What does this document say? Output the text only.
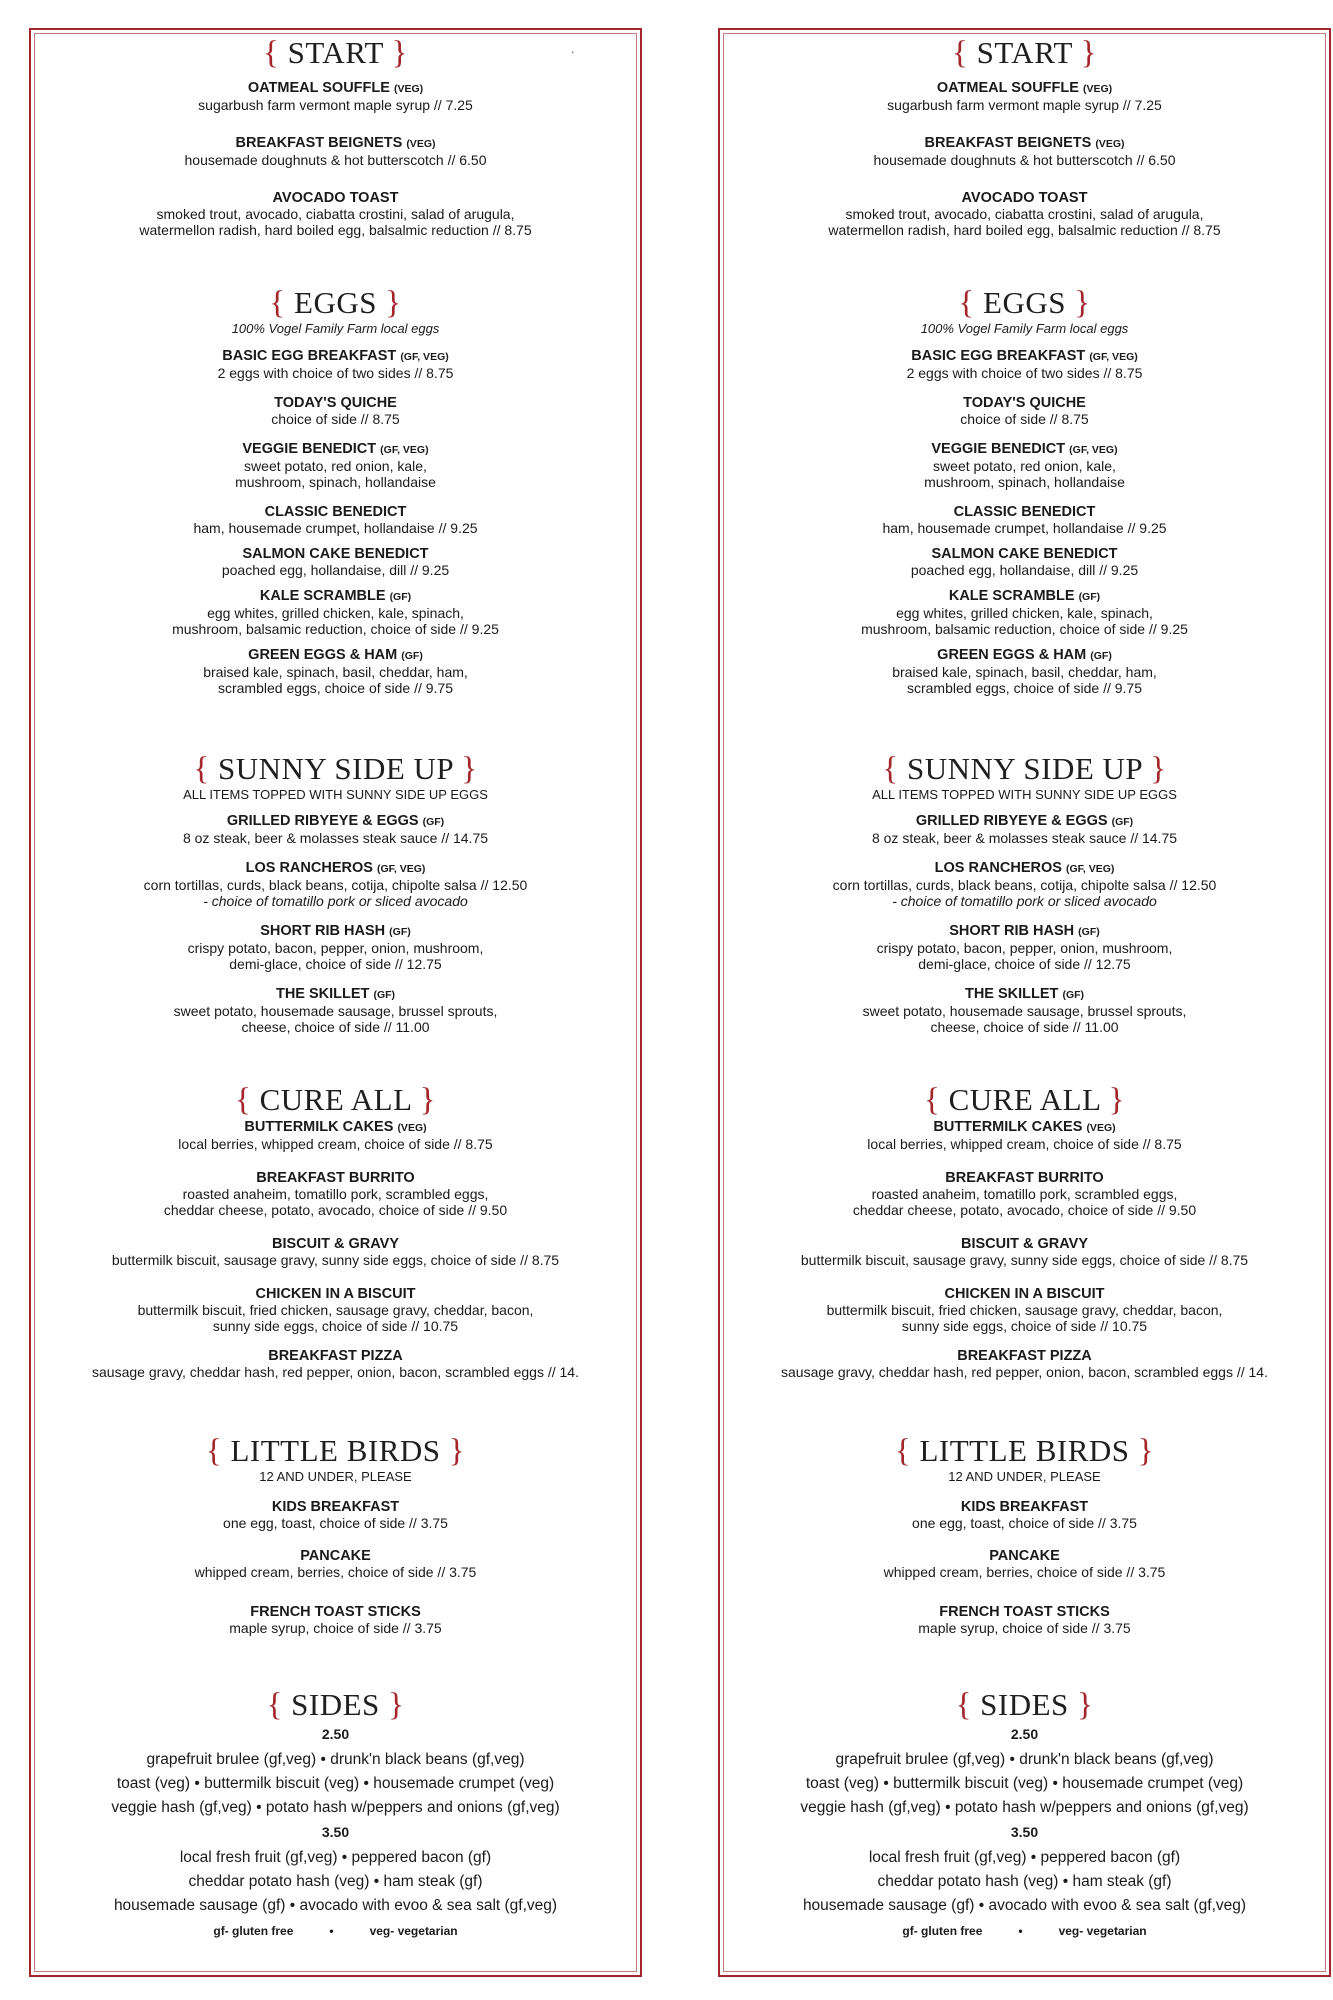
{ START }
OATMEAL SOUFFLE (VEG)
sugarbush farm vermont maple syrup // 7.25
BREAKFAST BEIGNETS (VEG)
housemade doughnuts & hot butterscotch // 6.50
AVOCADO TOAST
smoked trout, avocado, ciabatta crostini, salad of arugula,
watermellon radish, hard boiled egg, balsalmic reduction // 8.75
{ EGGS }
100% Vogel Family Farm local eggs
BASIC EGG BREAKFAST (GF, VEG)
2 eggs with choice of two sides // 8.75
TODAY'S QUICHE
choice of side // 8.75
VEGGIE BENEDICT (GF, VEG)
sweet potato, red onion, kale,
mushroom, spinach, hollandaise
CLASSIC BENEDICT
ham, housemade crumpet, hollandaise // 9.25
SALMON CAKE BENEDICT
poached egg, hollandaise, dill // 9.25
KALE SCRAMBLE (GF)
egg whites, grilled chicken, kale, spinach,
mushroom, balsamic reduction, choice of side // 9.25
GREEN EGGS & HAM (GF)
braised kale, spinach, basil, cheddar, ham,
scrambled eggs, choice of side // 9.75
{ SUNNY SIDE UP }
ALL ITEMS TOPPED WITH SUNNY SIDE UP EGGS
GRILLED RIBYEYE & EGGS (GF)
8 oz steak, beer & molasses steak sauce // 14.75
LOS RANCHEROS (GF, VEG)
corn tortillas, curds, black beans, cotija, chipolte salsa // 12.50
- choice of tomatillo pork or sliced avocado
SHORT RIB HASH (GF)
crispy potato, bacon, pepper, onion, mushroom,
demi-glace, choice of side // 12.75
THE SKILLET (GF)
sweet potato, housemade sausage, brussel sprouts,
cheese, choice of side // 11.00
{ CURE ALL }
BUTTERMILK CAKES (VEG)
local berries, whipped cream, choice of side // 8.75
BREAKFAST BURRITO
roasted anaheim, tomatillo pork, scrambled eggs,
cheddar cheese, potato, avocado, choice of side // 9.50
BISCUIT & GRAVY
buttermilk biscuit, sausage gravy, sunny side eggs, choice of side // 8.75
CHICKEN IN A BISCUIT
buttermilk biscuit, fried chicken, sausage gravy, cheddar, bacon,
sunny side eggs, choice of side // 10.75
BREAKFAST PIZZA
sausage gravy, cheddar hash, red pepper, onion, bacon, scrambled eggs // 14.
{ LITTLE BIRDS }
12 AND UNDER, PLEASE
KIDS BREAKFAST
one egg, toast, choice of side // 3.75
PANCAKE
whipped cream, berries, choice of side // 3.75
FRENCH TOAST STICKS
maple syrup, choice of side // 3.75
{ SIDES }
2.50
grapefruit brulee (gf,veg) • drunk'n black beans (gf,veg)
toast (veg) • buttermilk biscuit (veg) • housemade crumpet (veg)
veggie hash (gf,veg) • potato hash w/peppers and onions (gf,veg)
3.50
local fresh fruit (gf,veg) • peppered bacon (gf)
cheddar potato hash (veg) • ham steak (gf)
housemade sausage (gf) • avocado with evoo & sea salt (gf,veg)
gf- gluten free	•	veg- vegetarian
{ START }
OATMEAL SOUFFLE (VEG)
sugarbush farm vermont maple syrup // 7.25
BREAKFAST BEIGNETS (VEG)
housemade doughnuts & hot butterscotch // 6.50
AVOCADO TOAST
smoked trout, avocado, ciabatta crostini, salad of arugula,
watermellon radish, hard boiled egg, balsalmic reduction // 8.75
{ EGGS }
100% Vogel Family Farm local eggs
BASIC EGG BREAKFAST (GF, VEG)
2 eggs with choice of two sides // 8.75
TODAY'S QUICHE
choice of side // 8.75
VEGGIE BENEDICT (GF, VEG)
sweet potato, red onion, kale,
mushroom, spinach, hollandaise
CLASSIC BENEDICT
ham, housemade crumpet, hollandaise // 9.25
SALMON CAKE BENEDICT
poached egg, hollandaise, dill // 9.25
KALE SCRAMBLE (GF)
egg whites, grilled chicken, kale, spinach,
mushroom, balsamic reduction, choice of side // 9.25
GREEN EGGS & HAM (GF)
braised kale, spinach, basil, cheddar, ham,
scrambled eggs, choice of side // 9.75
{ SUNNY SIDE UP }
ALL ITEMS TOPPED WITH SUNNY SIDE UP EGGS
GRILLED RIBYEYE & EGGS (GF)
8 oz steak, beer & molasses steak sauce // 14.75
LOS RANCHEROS (GF, VEG)
corn tortillas, curds, black beans, cotija, chipolte salsa // 12.50
- choice of tomatillo pork or sliced avocado
SHORT RIB HASH (GF)
crispy potato, bacon, pepper, onion, mushroom,
demi-glace, choice of side // 12.75
THE SKILLET (GF)
sweet potato, housemade sausage, brussel sprouts,
cheese, choice of side // 11.00
{ CURE ALL }
BUTTERMILK CAKES (VEG)
local berries, whipped cream, choice of side // 8.75
BREAKFAST BURRITO
roasted anaheim, tomatillo pork, scrambled eggs,
cheddar cheese, potato, avocado, choice of side // 9.50
BISCUIT & GRAVY
buttermilk biscuit, sausage gravy, sunny side eggs, choice of side // 8.75
CHICKEN IN A BISCUIT
buttermilk biscuit, fried chicken, sausage gravy, cheddar, bacon,
sunny side eggs, choice of side // 10.75
BREAKFAST PIZZA
sausage gravy, cheddar hash, red pepper, onion, bacon, scrambled eggs // 14.
{ LITTLE BIRDS }
12 AND UNDER, PLEASE
KIDS BREAKFAST
one egg, toast, choice of side // 3.75
PANCAKE
whipped cream, berries, choice of side // 3.75
FRENCH TOAST STICKS
maple syrup, choice of side // 3.75
{ SIDES }
2.50
grapefruit brulee (gf,veg) • drunk'n black beans (gf,veg)
toast (veg) • buttermilk biscuit (veg) • housemade crumpet (veg)
veggie hash (gf,veg) • potato hash w/peppers and onions (gf,veg)
3.50
local fresh fruit (gf,veg) • peppered bacon (gf)
cheddar potato hash (veg) • ham steak (gf)
housemade sausage (gf) • avocado with evoo & sea salt (gf,veg)
gf- gluten free	•	veg- vegetarian
'
